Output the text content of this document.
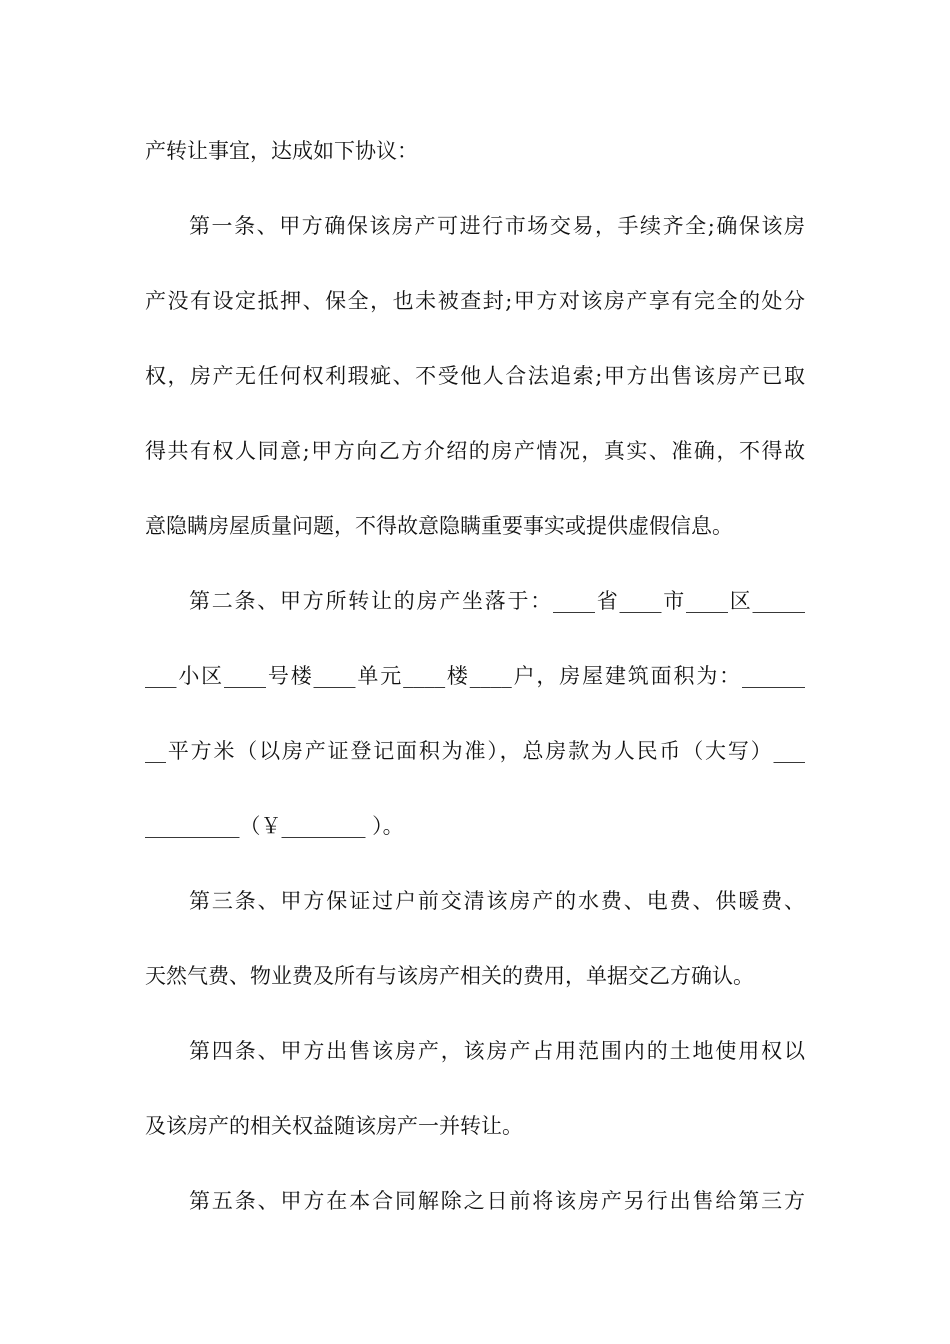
产转让事宜，达成如下协议：
第一条、甲方确保该房产可进行市场交易，手续齐全;确保该房
产没有设定抵押、保全，也未被查封;甲方对该房产享有完全的处分
权，房产无任何权利瑕疵、不受他人合法追索;甲方出售该房产已取
得共有权人同意;甲方向乙方介绍的房产情况，真实、准确，不得故
意隐瞒房屋质量问题，不得故意隐瞒重要事实或提供虚假信息。
第二条、甲方所转让的房产坐落于：____省____市____区_____
___小区____号楼____单元____楼____户，房屋建筑面积为：______
__平方米（以房产证登记面积为准），总房款为人民币（大写）___
_________（￥________ ）。
第三条、甲方保证过户前交清该房产的水费、电费、供暖费、
天然气费、物业费及所有与该房产相关的费用，单据交乙方确认。
第四条、甲方出售该房产，该房产占用范围内的土地使用权以
及该房产的相关权益随该房产一并转让。
第五条、甲方在本合同解除之日前将该房产另行出售给第三方
